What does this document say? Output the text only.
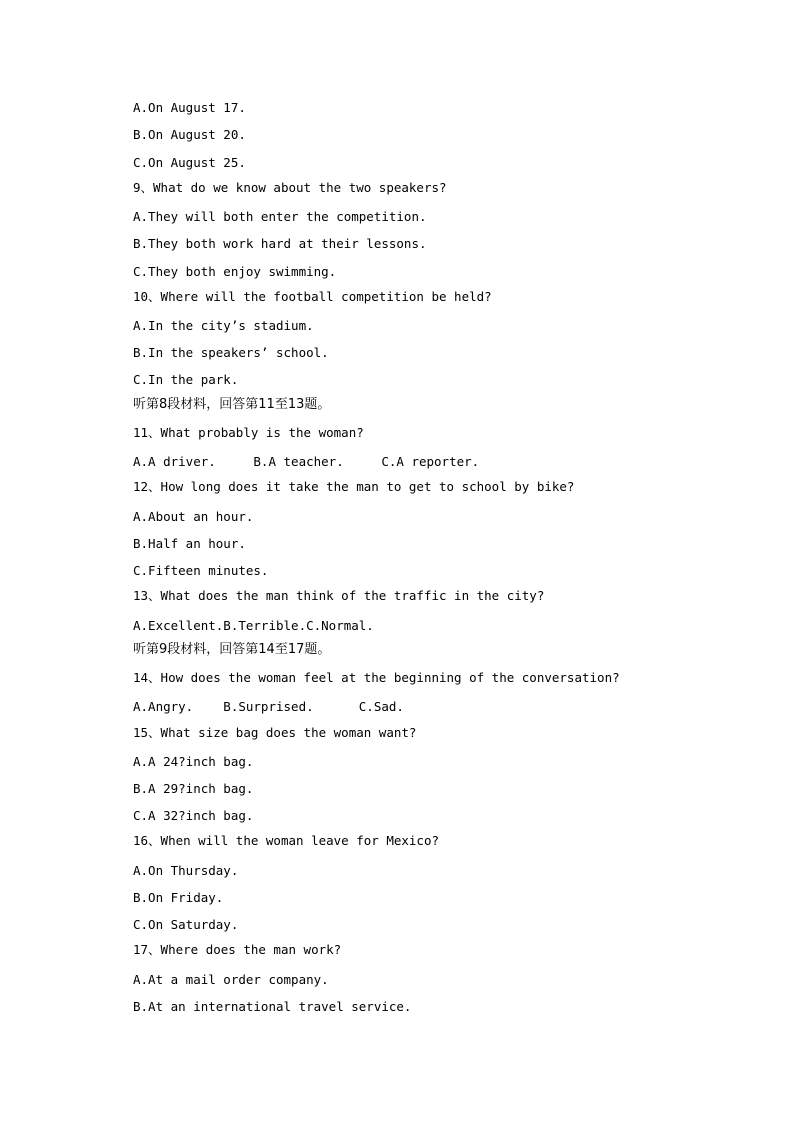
A.On August 17.
B.On August 20.
C.On August 25.
9、What do we know about the two speakers?
A.They will both enter the competition.
B.They both work hard at their lessons.
C.They both enjoy swimming.
10、Where will the football competition be held?
A.In the city’s stadium.
B.In the speakers’ school.
C.In the park.
听第8段材料，回答第11至13题。
11、What probably is the woman?
A.A driver.     B.A teacher.     C.A reporter.
12、How long does it take the man to get to school by bike?
A.About an hour.
B.Half an hour.
C.Fifteen minutes.
13、What does the man think of the traffic in the city?
A.Excellent.B.Terrible.C.Normal.
听第9段材料，回答第14至17题。
14、How does the woman feel at the beginning of the conversation?
A.Angry.    B.Surprised.      C.Sad.
15、What size bag does the woman want?
A.A 24?inch bag.
B.A 29?inch bag.
C.A 32?inch bag.
16、When will the woman leave for Mexico?
A.On Thursday.
B.On Friday.
C.On Saturday.
17、Where does the man work?
A.At a mail order company.
B.At an international travel service.
